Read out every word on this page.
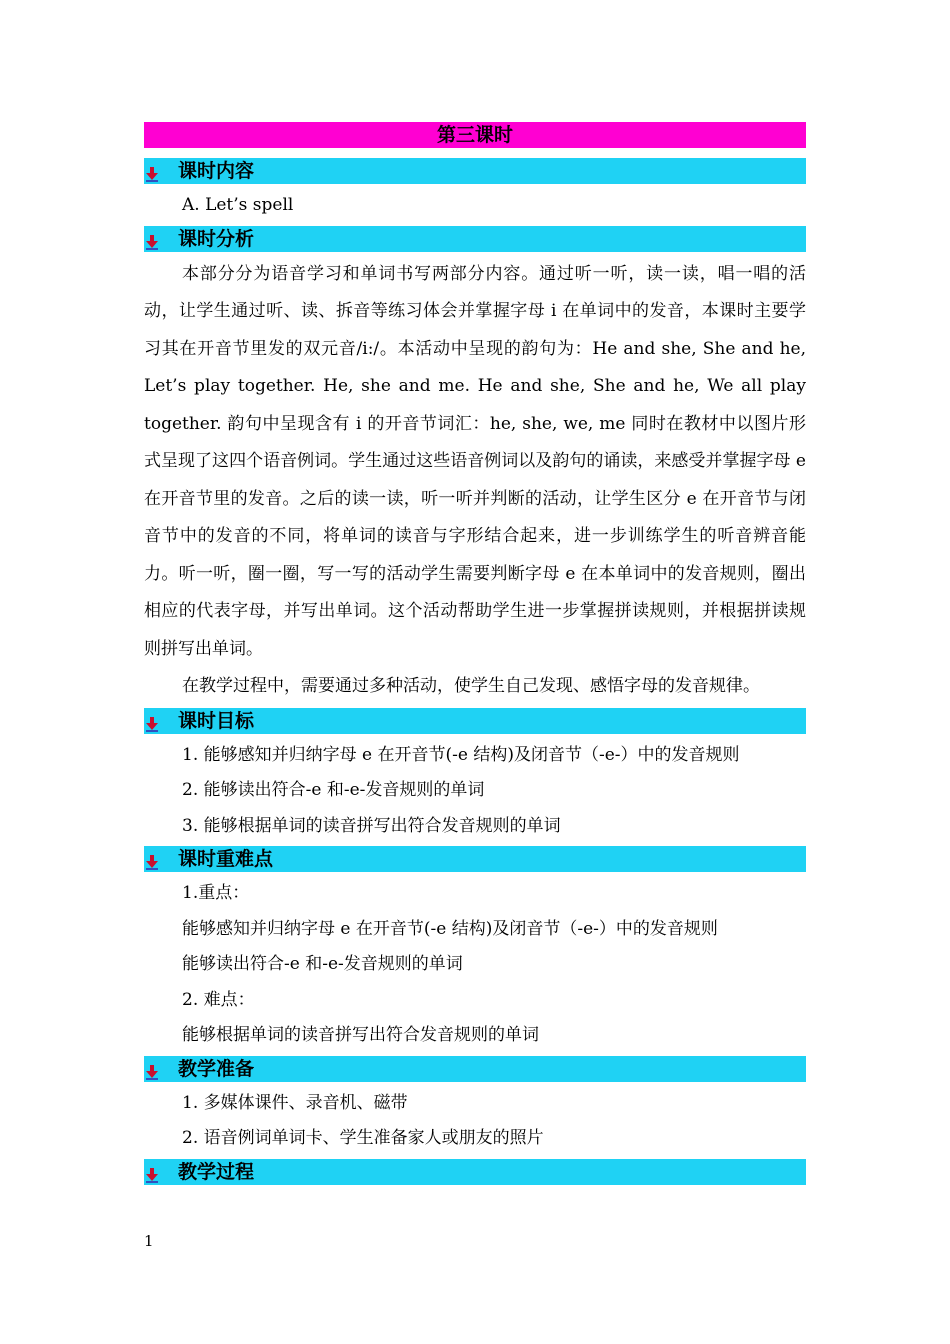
第三课时
课时内容
A. Let’s spell
课时分析

本部分分为语音学习和单词书写两部分内容。通过听一听，读一读，唱一唱的活动，让学生通过听、读、拆音等练习体会并掌握字母 i 在单词中的发音，本课时主要学习其在开音节里发的双元音/i:/。本活动中呈现的韵句为：He and she, She and he, Let’s play together. He, she and me. He and she, She and he, We all play together. 韵句中呈现含有 i 的开音节词汇：he, she, we, me 同时在教材中以图片形式呈现了这四个语音例词。学生通过这些语音例词以及韵句的诵读，来感受并掌握字母 e 在开音节里的发音。之后的读一读，听一听并判断的活动，让学生区分 e 在开音节与闭音节中的发音的不同，将单词的读音与字形结合起来，进一步训练学生的听音辨音能力。听一听，圈一圈，写一写的活动学生需要判断字母 e 在本单词中的发音规则，圈出相应的代表字母，并写出单词。这个活动帮助学生进一步掌握拼读规则，并根据拼读规则拼写出单词。

在教学过程中，需要通过多种活动，使学生自己发现、感悟字母的发音规律。

课时目标
1. 能够感知并归纳字母 e 在开音节(-e 结构)及闭音节（-e-）中的发音规则
2. 能够读出符合-e 和-e-发音规则的单词
3. 能够根据单词的读音拼写出符合发音规则的单词
课时重难点
1.重点：
能够感知并归纳字母 e 在开音节(-e 结构)及闭音节（-e-）中的发音规则
能够读出符合-e 和-e-发音规则的单词
2. 难点：
能够根据单词的读音拼写出符合发音规则的单词
教学准备
1. 多媒体课件、录音机、磁带
2. 语音例词单词卡、学生准备家人或朋友的照片
教学过程
1
